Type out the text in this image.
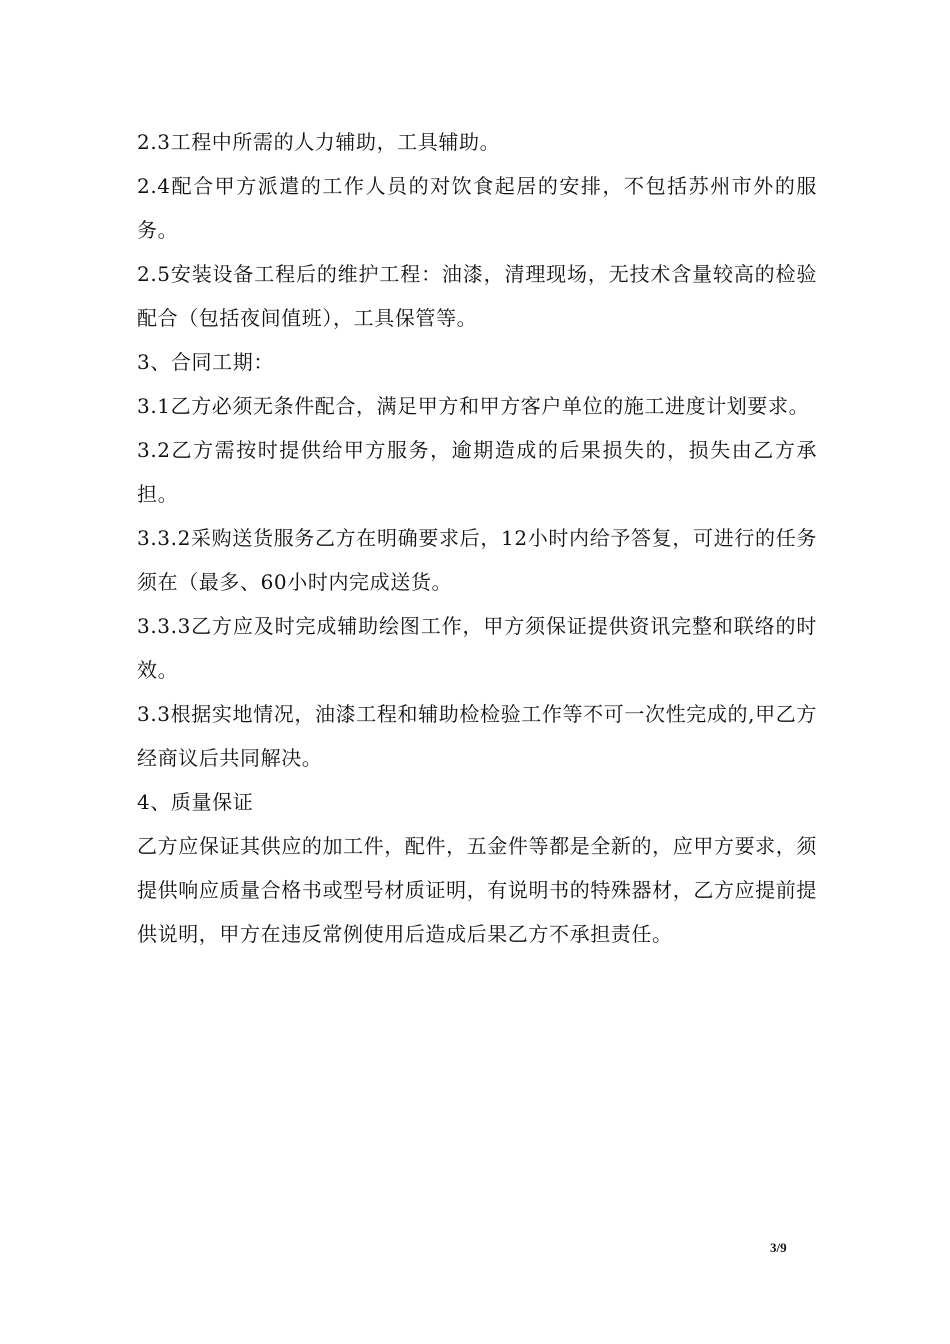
2.3工程中所需的人力辅助，工具辅助。

2.4配合甲方派遣的工作人员的对饮食起居的安排，不包括苏州市外的服务。

2.5安装设备工程后的维护工程：油漆，清理现场，无技术含量较高的检验配合（包括夜间值班），工具保管等。

3、合同工期：

3.1乙方必须无条件配合，满足甲方和甲方客户单位的施工进度计划要求。

3.2乙方需按时提供给甲方服务，逾期造成的后果损失的，损失由乙方承担。

3.3.2采购送货服务乙方在明确要求后，12小时内给予答复，可进行的任务须在（最多、60小时内完成送货。

3.3.3乙方应及时完成辅助绘图工作，甲方须保证提供资讯完整和联络的时效。

3.3根据实地情况，油漆工程和辅助检检验工作等不可一次性完成的,甲乙方经商议后共同解决。

4、质量保证

乙方应保证其供应的加工件，配件，五金件等都是全新的，应甲方要求，须提供响应质量合格书或型号材质证明，有说明书的特殊器材，乙方应提前提供说明，甲方在违反常例使用后造成后果乙方不承担责任。

3/9
